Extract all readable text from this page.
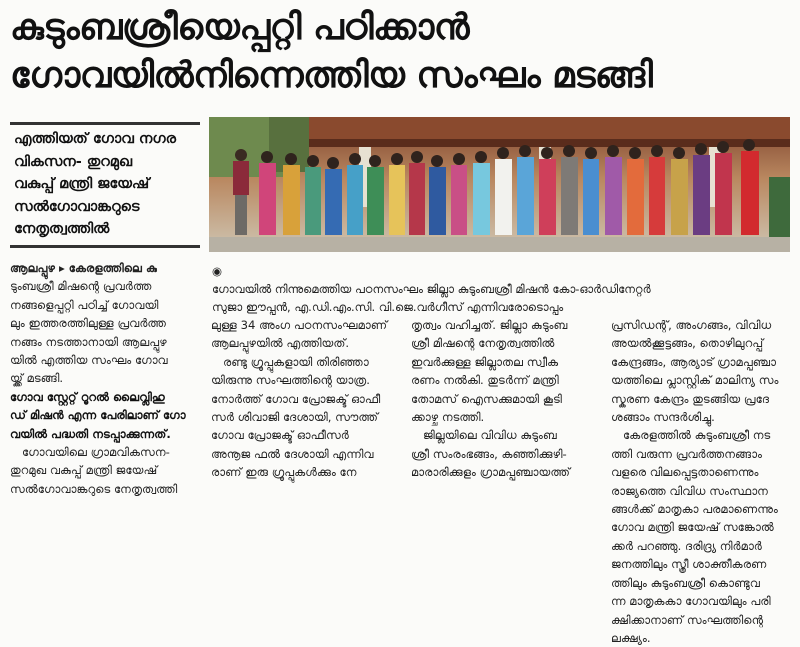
കുടുംബശ്രീയെപ്പറ്റി പഠിക്കാൻ
ഗോവയിൽനിന്നെത്തിയ സംഘം മടങ്ങി
എത്തിയത് ഗോവ നഗര
വികസന- തുറമുഖ
വകുപ്പ് മന്ത്രി ജയേഷ്
സൽഗോവാങ്കറുടെ
നേതൃത്വത്തിൽ
◉
ഗോവയിൽ നിന്നുമെത്തിയ പഠനസംഘം ജില്ലാ കുടുംബശ്രീ മിഷൻ കോ-ഓർഡിനേറ്റർ
സുജാ ഈപ്പൻ, എ.ഡി.എം.സി. വി.ജെ.വർഗീസ് എന്നിവരോടൊപ്പം
ആലപ്പുഴ ▸ കേരളത്തിലെ കു
ടുംബശ്രീ മിഷന്റെ പ്രവർത്ത
നങ്ങളെപ്പറ്റി പഠിച്ച് ഗോവയി
ലും ഇത്തരത്തിലുള്ള പ്രവർത്ത
നങ്ങം നടത്താനായി ആലപ്പുഴ
യിൽ എത്തിയ സംഘം ഗോവ
യ്ക്ക് മടങ്ങി.
ഗോവ സ്റ്റേറ്റ് റൂറൽ ലൈവ്ലിഹു
ഡ് മിഷൻ എന്ന പേരിലാണ് ഗോ
വയിൽ പദ്ധതി നടപ്പാക്കുന്നത്.
ഗോവയിലെ ഗ്രാമവികസന-
തുറമുഖ വകുപ്പ് മന്ത്രി ജയേഷ്
സൽഗോവാങ്കറുടെ നേതൃത്വത്തി
ലുള്ള 34 അംഗ പഠനസംഘമാണ്
ആലപ്പുഴയിൽ എത്തിയത്.
രണ്ടു ഗ്രൂപ്പുകളായി തിരിഞ്ഞാ
യിരുന്നു സംഘത്തിന്റെ യാത്ര.
നോർത്ത് ഗോവ പ്രോജക്ട് ഓഫീ
സർ ശിവാജി ദേശായി, സൗത്ത്
ഗോവ പ്രോജക്ട് ഓഫീസർ
അനൂജ ഫൽ ദേശായി എന്നിവ
രാണ് ഇരു ഗ്രൂപ്പുകൾക്കും നേ
തൃത്വം വഹിച്ചത്. ജില്ലാ കുടുംബ
ശ്രീ മിഷന്റെ നേതൃത്വത്തിൽ
ഇവർക്കുള്ള ജില്ലാതല സ്വീക
രണം നൽകി. തുടർന്ന് മന്ത്രി
തോമസ് ഐസക്കുമായി കൂടി
ക്കാഴ്ച നടത്തി.
ജില്ലയിലെ വിവിധ കുടുംബ
ശ്രീ സംരംഭങ്ങം, കഞ്ഞിക്കുഴി-
മാരാരിക്കുളം ഗ്രാമപ്പഞ്ചായത്ത്
പ്രസിഡന്റ്, അംഗങ്ങം, വിവിധ
അയൽക്കൂട്ടങ്ങം, തൊഴിലുറപ്പ്
കേന്ദ്രങ്ങം, ആര്യാട് ഗ്രാമപ്പഞ്ചാ
യത്തിലെ പ്ലാസ്റ്റിക് മാലിന്യ സം
സ്കരണ കേന്ദ്രം തുടങ്ങിയ പ്രദേ
ശങ്ങാം സന്ദർശിച്ചു.
കേരളത്തിൽ കുടുംബശ്രീ നട
ത്തി വരുന്ന പ്രവർത്തനങ്ങാം
വളരെ വിലപ്പെട്ടതാണെന്നും
രാജ്യത്തെ വിവിധ സംസ്ഥാന
ങ്ങൾക്ക് മാതൃകാ പരമാണെന്നും
ഗോവ മന്ത്രി ജയേഷ് സങ്കോൽ
ക്കർ പറഞ്ഞു. ദരിദ്ര്യ നിർമാർ
ജനത്തിലും സ്ത്രീ ശാക്തീകരണ
ത്തിലും കുടുംബശ്രീ കൊണ്ടുവ
ന്ന മാതൃകകാ ഗോവയിലും പരി
ക്ഷിക്കാനാണ് സംഘത്തിന്റെ
ലക്ഷ്യം.
